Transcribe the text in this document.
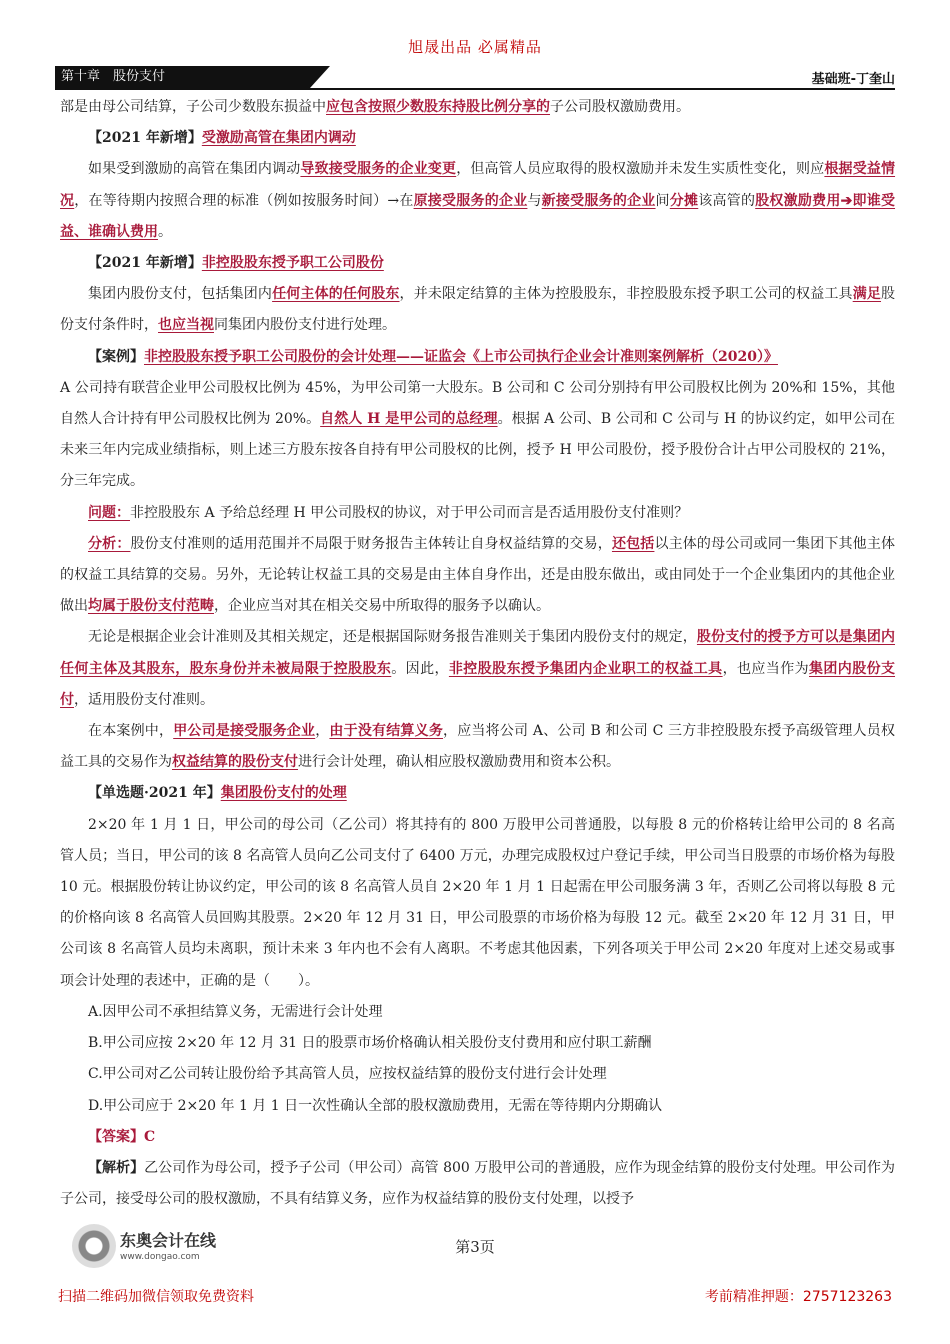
旭晟出品 必属精品
第十章　股份支付	基础班-丁奎山

部是由母公司结算，子公司少数股东损益中应包含按照少数股东持股比例分享的子公司股权激励费用。

【2021 年新增】受激励高管在集团内调动

如果受到激励的高管在集团内调动导致接受服务的企业变更，但高管人员应取得的股权激励并未发生实质性变化，则应根据受益情况，在等待期内按照合理的标准（例如按服务时间）→在原接受服务的企业与新接受服务的企业间分摊该高管的股权激励费用➔即谁受益、谁确认费用。

【2021 年新增】非控股股东授予职工公司股份

集团内股份支付，包括集团内任何主体的任何股东，并未限定结算的主体为控股股东，非控股股东授予职工公司的权益工具满足股份支付条件时，也应当视同集团内股份支付进行处理。

【案例】非控股股东授予职工公司股份的会计处理——证监会《上市公司执行企业会计准则案例解析（2020）》

A 公司持有联营企业甲公司股权比例为 45%，为甲公司第一大股东。B 公司和 C 公司分别持有甲公司股权比例为 20%和 15%，其他自然人合计持有甲公司股权比例为 20%。自然人 H 是甲公司的总经理。根据 A 公司、B 公司和 C 公司与 H 的协议约定，如甲公司在未来三年内完成业绩指标，则上述三方股东按各自持有甲公司股权的比例，授予 H 甲公司股份，授予股份合计占甲公司股权的 21%，分三年完成。

问题：非控股股东 A 予给总经理 H 甲公司股权的协议，对于甲公司而言是否适用股份支付准则？

分析：股份支付准则的适用范围并不局限于财务报告主体转让自身权益结算的交易，还包括以主体的母公司或同一集团下其他主体的权益工具结算的交易。另外，无论转让权益工具的交易是由主体自身作出，还是由股东做出，或由同处于一个企业集团内的其他企业做出均属于股份支付范畴，企业应当对其在相关交易中所取得的服务予以确认。

无论是根据企业会计准则及其相关规定，还是根据国际财务报告准则关于集团内股份支付的规定，股份支付的授予方可以是集团内任何主体及其股东，股东身份并未被局限于控股股东。因此，非控股股东授予集团内企业职工的权益工具，也应当作为集团内股份支付，适用股份支付准则。

在本案例中，甲公司是接受服务企业，由于没有结算义务，应当将公司 A、公司 B 和公司 C 三方非控股股东授予高级管理人员权益工具的交易作为权益结算的股份支付进行会计处理，确认相应股权激励费用和资本公积。

【单选题·2021 年】集团股份支付的处理

2×20 年 1 月 1 日，甲公司的母公司（乙公司）将其持有的 800 万股甲公司普通股，以每股 8 元的价格转让给甲公司的 8 名高管人员；当日，甲公司的该 8 名高管人员向乙公司支付了 6400 万元，办理完成股权过户登记手续，甲公司当日股票的市场价格为每股 10 元。根据股份转让协议约定，甲公司的该 8 名高管人员自 2×20 年 1 月 1 日起需在甲公司服务满 3 年，否则乙公司将以每股 8 元的价格向该 8 名高管人员回购其股票。2×20 年 12 月 31 日，甲公司股票的市场价格为每股 12 元。截至 2×20 年 12 月 31 日，甲公司该 8 名高管人员均未离职，预计未来 3 年内也不会有人离职。不考虑其他因素，下列各项关于甲公司 2×20 年度对上述交易或事项会计处理的表述中，正确的是（　　）。

A.因甲公司不承担结算义务，无需进行会计处理

B.甲公司应按 2×20 年 12 月 31 日的股票市场价格确认相关股份支付费用和应付职工薪酬

C.甲公司对乙公司转让股份给予其高管人员，应按权益结算的股份支付进行会计处理

D.甲公司应于 2×20 年 1 月 1 日一次性确认全部的股权激励费用，无需在等待期内分期确认

【答案】C

【解析】乙公司作为母公司，授予子公司（甲公司）高管 800 万股甲公司的普通股，应作为现金结算的股份支付处理。甲公司作为子公司，接受母公司的股权激励，不具有结算义务，应作为权益结算的股份支付处理，以授予

东奥会计在线
www.dongao.com
第3页
扫描二维码加微信领取免费资料	考前精准押题：2757123263
